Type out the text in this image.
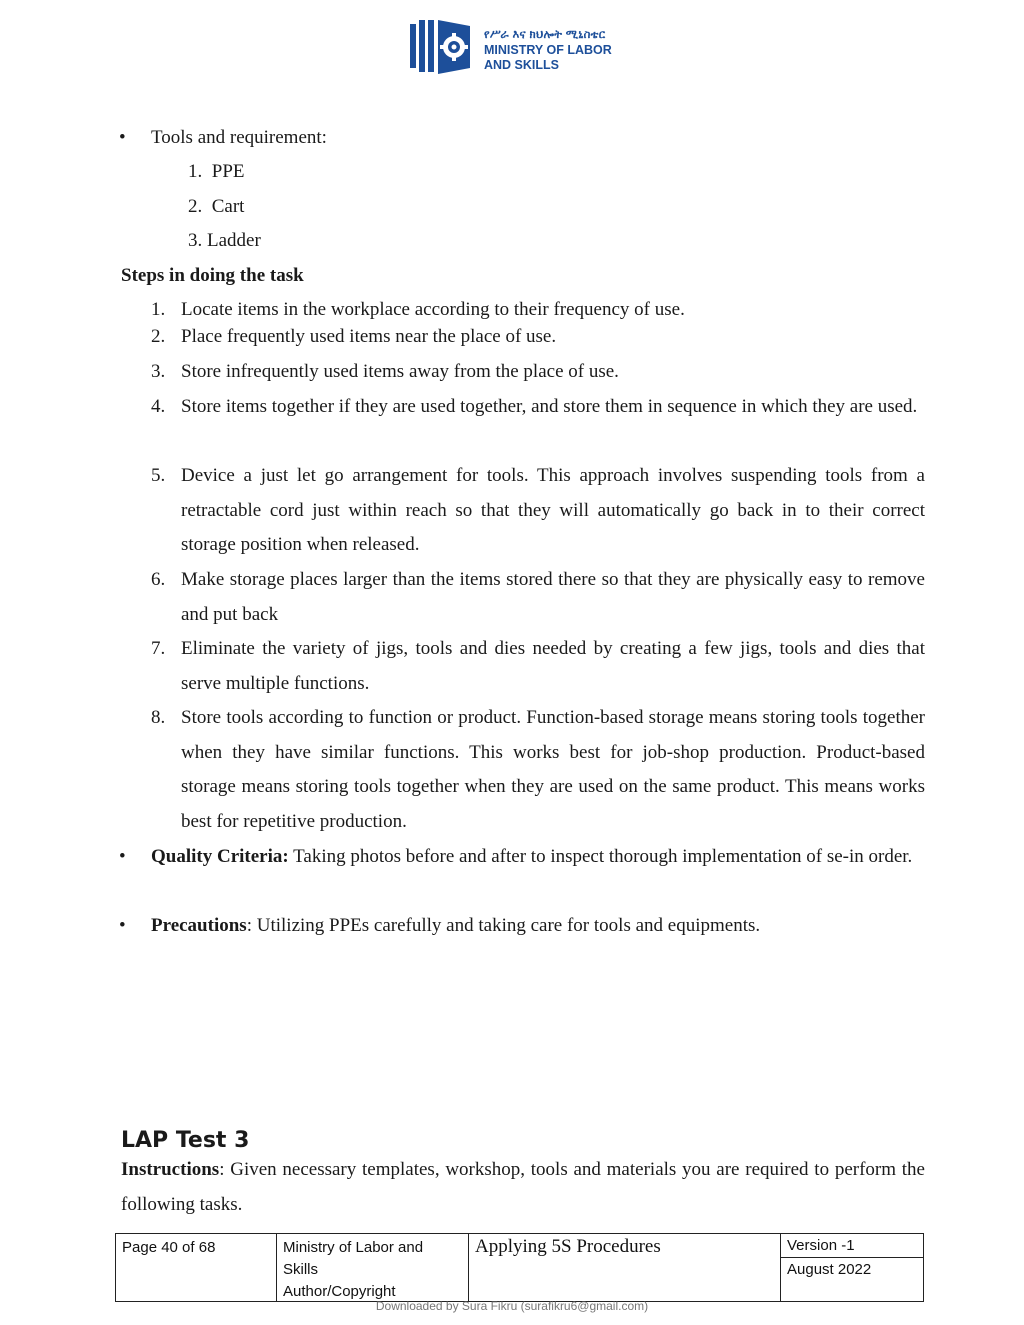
የሥራ እና ክህሎት ሚኒስቴር
MINISTRY OF LABOR
AND SKILLS
• Tools and requirement:
1.  PPE
2.  Cart
3. Ladder
Steps in doing the task
1. Locate items in the workplace according to their frequency of use.
2. Place frequently used items near the place of use.
3. Store infrequently used items away from the place of use.
4. Store items together if they are used together, and store them in sequence in which they are used.
5. Device a just let go arrangement for tools. This approach involves suspending tools from a retractable cord just within reach so that they will automatically go back in to their correct storage position when released.
6. Make storage places larger than the items stored there so that they are physically easy to remove and put back
7. Eliminate the variety of jigs, tools and dies needed by creating a few jigs, tools and dies that serve multiple functions.
8. Store tools according to function or product. Function-based storage means storing tools together when they have similar functions. This works best for job-shop production. Product-based storage means storing tools together when they are used on the same product. This means works best for repetitive production.
• Quality Criteria: Taking photos before and after to inspect thorough implementation of se-in order.
• Precautions: Utilizing PPEs carefully and taking care for tools and equipments.
LAP Test 3
Instructions: Given necessary templates, workshop, tools and materials you are required to perform the following tasks.
Page 40 of 68	Ministry of Labor and
Skills
Author/Copyright
Applying 5S Procedures	Version -1
August 2022
Downloaded by Sura Fikru (surafikru6@gmail.com)
